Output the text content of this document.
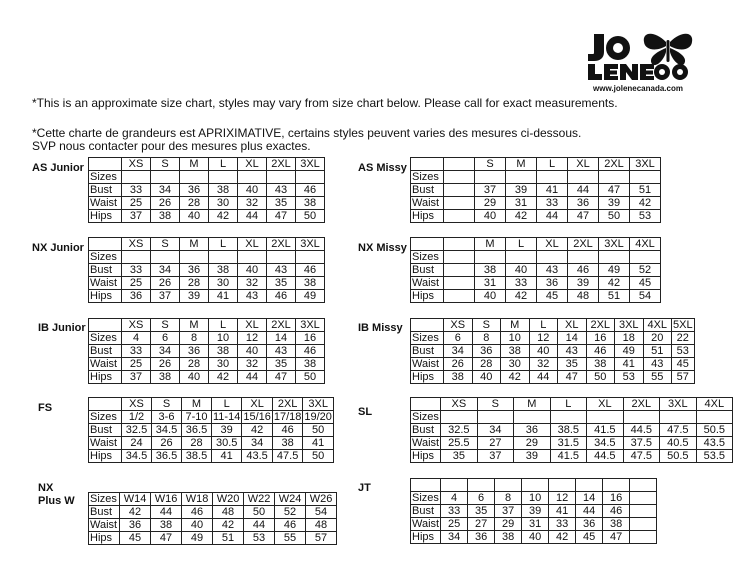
www.jolenecanada.com
*This is an approximate size chart, styles may vary from size chart below. Please call for exact measurements.
*Cette charte de grandeurs est APRIXIMATIVE, certains styles peuvent varies des mesures ci-dessous.
SVP nous contacter pour des mesures plus exactes.
AS Junior
		XS	S	M	L	XL	2XL	3XL
Sizes							
Bust	33	34	36	38	40	43	46
Waist	25	26	28	30	32	35	38
Hips	37	38	40	42	44	47	50
AS Missy
			S	M	L	XL	2XL	3XL
Sizes							
Bust		37	39	41	44	47	51
Waist		29	31	33	36	39	42
Hips		40	42	44	47	50	53
NX Junior
		XS	S	M	L	XL	2XL	3XL
Sizes							
Bust	33	34	36	38	40	43	46
Waist	25	26	28	30	32	35	38
Hips	36	37	39	41	43	46	49
NX Missy
			M	L	XL	2XL	3XL	4XL
Sizes							
Bust		38	40	43	46	49	52
Waist		31	33	36	39	42	45
Hips		40	42	45	48	51	54
IB Junior
		XS	S	M	L	XL	2XL	3XL
Sizes	4	6	8	10	12	14	16
Bust	33	34	36	38	40	43	46
Waist	25	26	28	30	32	35	38
Hips	37	38	40	42	44	47	50
IB Missy
		XS	S	M	L	XL	2XL	3XL	4XL	5XL
Sizes	6	8	10	12	14	16	18	20	22
Bust	34	36	38	40	43	46	49	51	53
Waist	26	28	30	32	35	38	41	43	45
Hips	38	40	42	44	47	50	53	55	57
FS
		XS	S	M	L	XL	2XL	3XL
Sizes	1/2	3-6	7-10	11-14	15/16	17/18	19/20
Bust	32.5	34.5	36.5	39	42	46	50
Waist	24	26	28	30.5	34	38	41
Hips	34.5	36.5	38.5	41	43.5	47.5	50
SL
	XS	S	M	L	XL	2XL	3XL	4XL
Sizes								
Bust	32.5	34	36	38.5	41.5	44.5	47.5	50.5
Waist	25.5	27	29	31.5	34.5	37.5	40.5	43.5
Hips	35	37	39	41.5	44.5	47.5	50.5	53.5
NX
Plus W Sizes	W14	W16	W18	W20	W22	W24	W26
Bust	42	44	46	48	50	52	54
Waist	36	38	40	42	44	46	48
Hips	45	47	49	51	53	55	57
JT

Sizes	4	6	8	10	12	14	16	
Bust	33	35	37	39	41	44	46	
Waist	25	27	29	31	33	36	38	
Hips	34	36	38	40	42	45	47	
